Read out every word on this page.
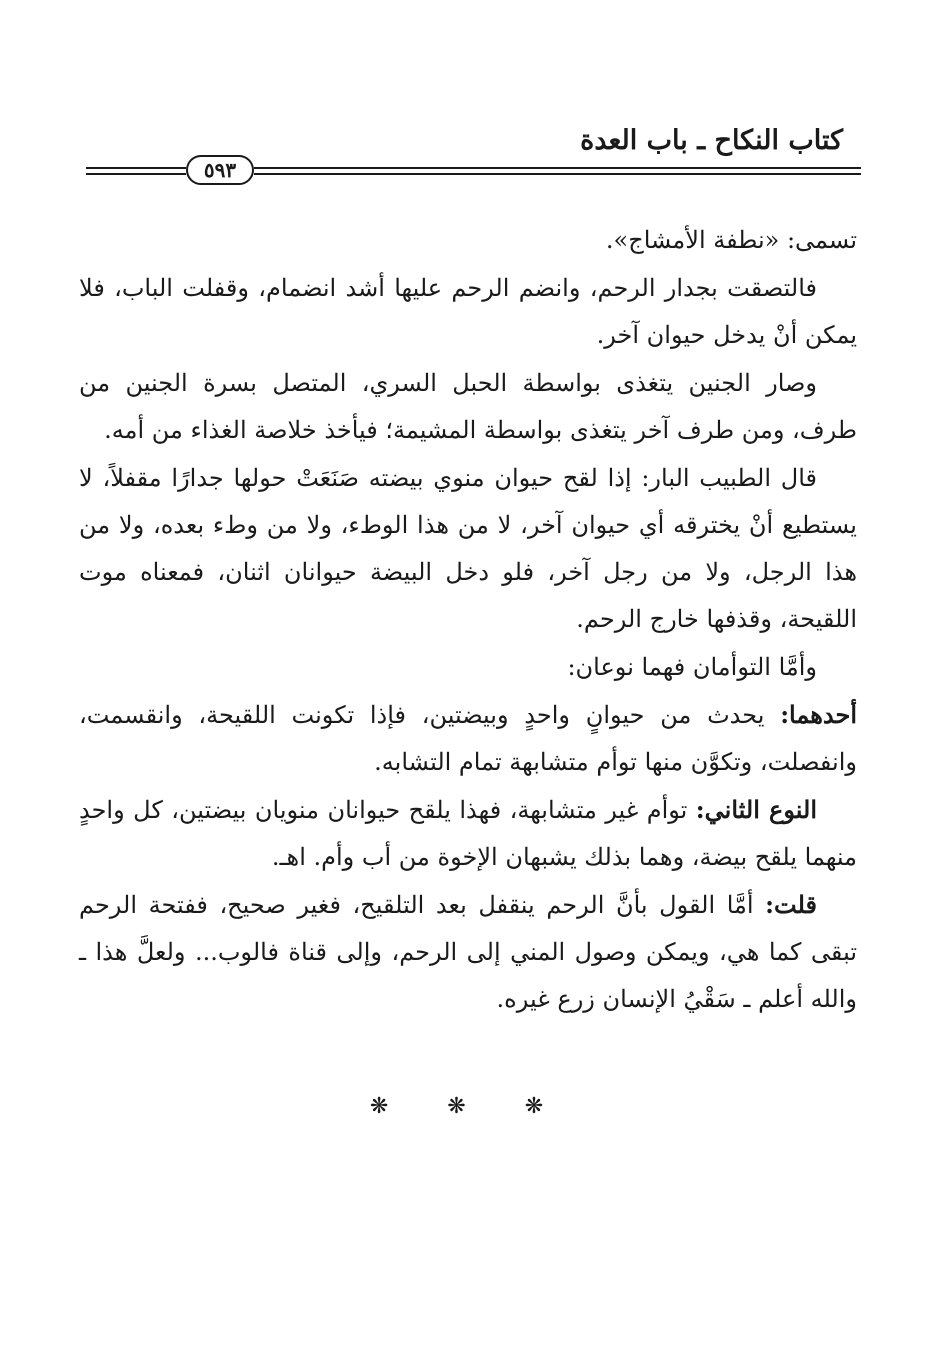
كتاب النكاح ـ باب العدة
٥٩٣

تسمى: «نطفة الأمشاج».

فالتصقت بجدار الرحم، وانضم الرحم عليها أشد انضمام، وقفلت الباب، فلا يمكن أنْ يدخل حيوان آخر.

وصار الجنين يتغذى بواسطة الحبل السري، المتصل بسرة الجنين من طرف، ومن طرف آخر يتغذى بواسطة المشيمة؛ فيأخذ خلاصة الغذاء من أمه.

قال الطبيب البار: إذا لقح حيوان منوي بيضته صَنَعَتْ حولها جدارًا مقفلاً، لا يستطيع أنْ يخترقه أي حيوان آخر، لا من هذا الوطء، ولا من وطء بعده، ولا من هذا الرجل، ولا من رجل آخر، فلو دخل البيضة حيوانان اثنان، فمعناه موت اللقيحة، وقذفها خارج الرحم.

وأمَّا التوأمان فهما نوعان:

أحدهما: يحدث من حيوانٍ واحدٍ وبيضتين، فإذا تكونت اللقيحة، وانقسمت، وانفصلت، وتكوَّن منها توأم متشابهة تمام التشابه.

النوع الثاني: توأم غير متشابهة، فهذا يلقح حيوانان منويان بيضتين، كل واحدٍ منهما يلقح بيضة، وهما بذلك يشبهان الإخوة من أب وأم. اهـ.

قلت: أمَّا القول بأنَّ الرحم ينقفل بعد التلقيح، فغير صحيح، ففتحة الرحم تبقى كما هي، ويمكن وصول المني إلى الرحم، وإلى قناة فالوب... ولعلَّ هذا ـ والله أعلم ـ سَقْيُ الإنسان زرع غيره.

❋ ❋ ❋
